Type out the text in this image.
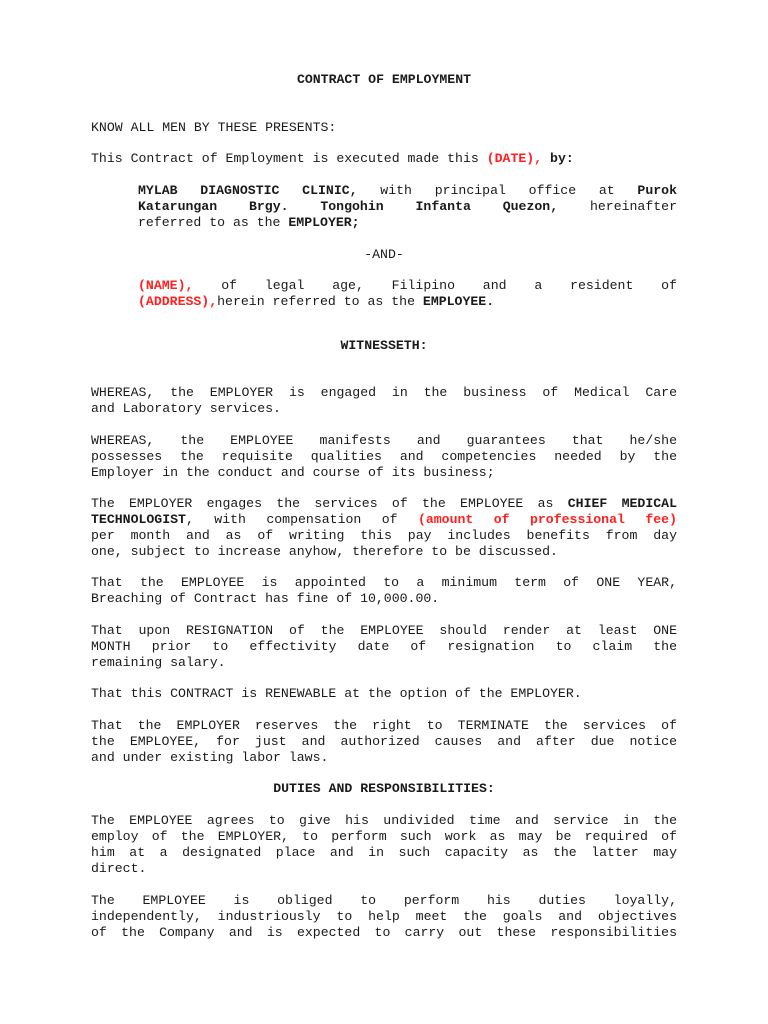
CONTRACT OF EMPLOYMENT
KNOW ALL MEN BY THESE PRESENTS:
This Contract of Employment is executed made this (DATE), by:
MYLAB DIAGNOSTIC CLINIC, with principal office at Purok
Katarungan Brgy. Tongohin Infanta Quezon, hereinafter
referred to as the EMPLOYER;
-AND-
(NAME), of legal age, Filipino and a resident of
(ADDRESS),herein referred to as the EMPLOYEE.
WITNESSETH:
WHEREAS, the EMPLOYER is engaged in the business of Medical Care
and Laboratory services.
WHEREAS, the EMPLOYEE manifests and guarantees that he/she
possesses the requisite qualities and competencies needed by the
Employer in the conduct and course of its business;
The EMPLOYER engages the services of the EMPLOYEE as CHIEF MEDICAL
TECHNOLOGIST, with compensation of (amount of professional fee)
per month and as of writing this pay includes benefits from day
one, subject to increase anyhow, therefore to be discussed.
That the EMPLOYEE is appointed to a minimum term of ONE YEAR,
Breaching of Contract has fine of 10,000.00.
That upon RESIGNATION of the EMPLOYEE should render at least ONE
MONTH prior to effectivity date of resignation to claim the
remaining salary.
That this CONTRACT is RENEWABLE at the option of the EMPLOYER.
That the EMPLOYER reserves the right to TERMINATE the services of
the EMPLOYEE, for just and authorized causes and after due notice
and under existing labor laws.
DUTIES AND RESPONSIBILITIES:
The EMPLOYEE agrees to give his undivided time and service in the
employ of the EMPLOYER, to perform such work as may be required of
him at a designated place and in such capacity as the latter may
direct.
The EMPLOYEE is obliged to perform his duties loyally,
independently, industriously to help meet the goals and objectives
of the Company and is expected to carry out these responsibilities
